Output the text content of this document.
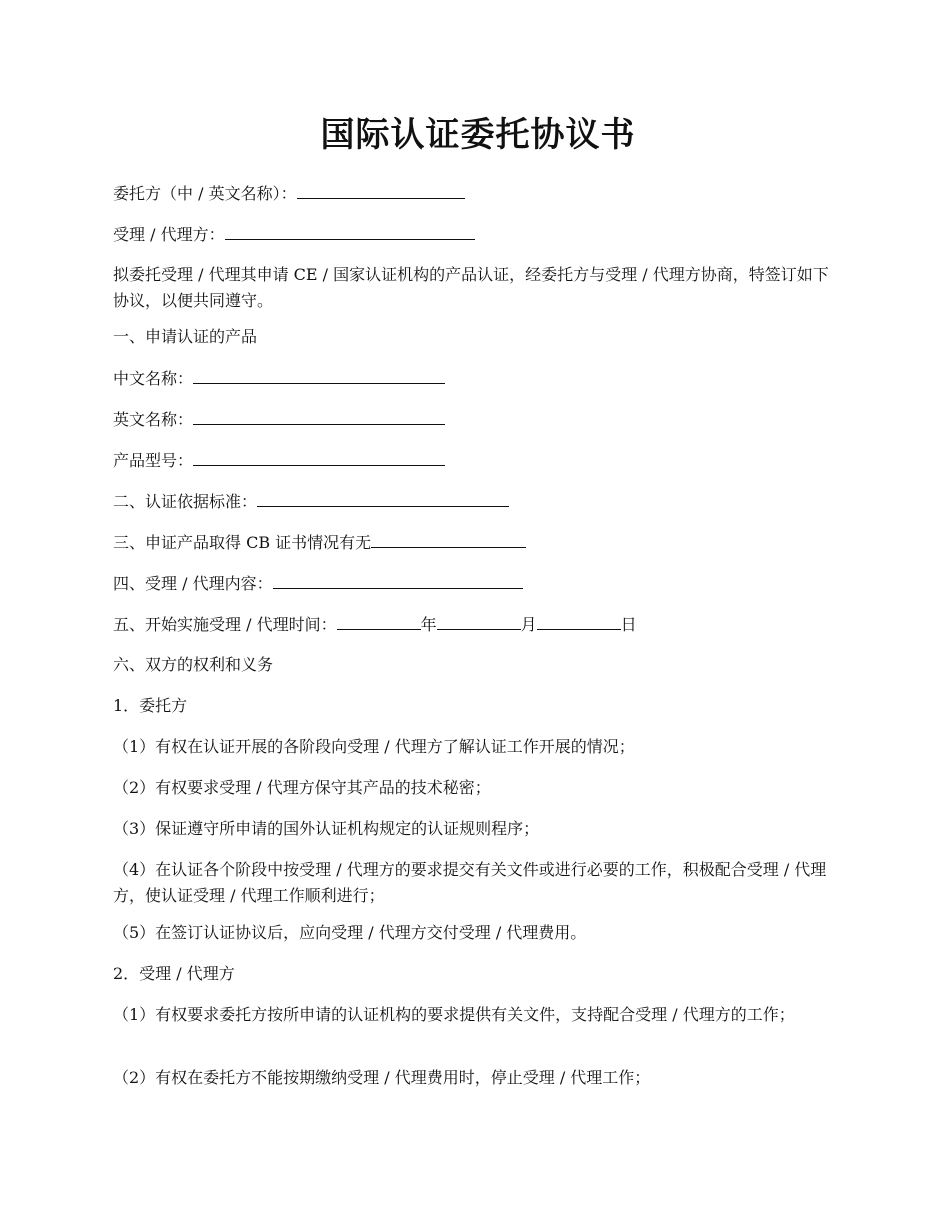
国际认证委托协议书

委托方（中 / 英文名称）：

受理 / 代理方：

拟委托受理 / 代理其申请 CE / 国家认证机构的产品认证，经委托方与受理 / 代理方协商，特签订如下协议，以便共同遵守。

一、申请认证的产品

中文名称：

英文名称：

产品型号：

二、认证依据标准：

三、申证产品取得 CB 证书情况有无

四、受理 / 代理内容：

五、开始实施受理 / 代理时间：	年	月	日

六、双方的权利和义务

1．委托方

（1）有权在认证开展的各阶段向受理 / 代理方了解认证工作开展的情况；

（2）有权要求受理 / 代理方保守其产品的技术秘密；

（3）保证遵守所申请的国外认证机构规定的认证规则程序；

（4）在认证各个阶段中按受理 / 代理方的要求提交有关文件或进行必要的工作，积极配合受理 / 代理方，使认证受理 / 代理工作顺利进行；

（5）在签订认证协议后，应向受理 / 代理方交付受理 / 代理费用。

2．受理 / 代理方

（1）有权要求委托方按所申请的认证机构的要求提供有关文件，支持配合受理 / 代理方的工作；

（2）有权在委托方不能按期缴纳受理 / 代理费用时，停止受理 / 代理工作；
